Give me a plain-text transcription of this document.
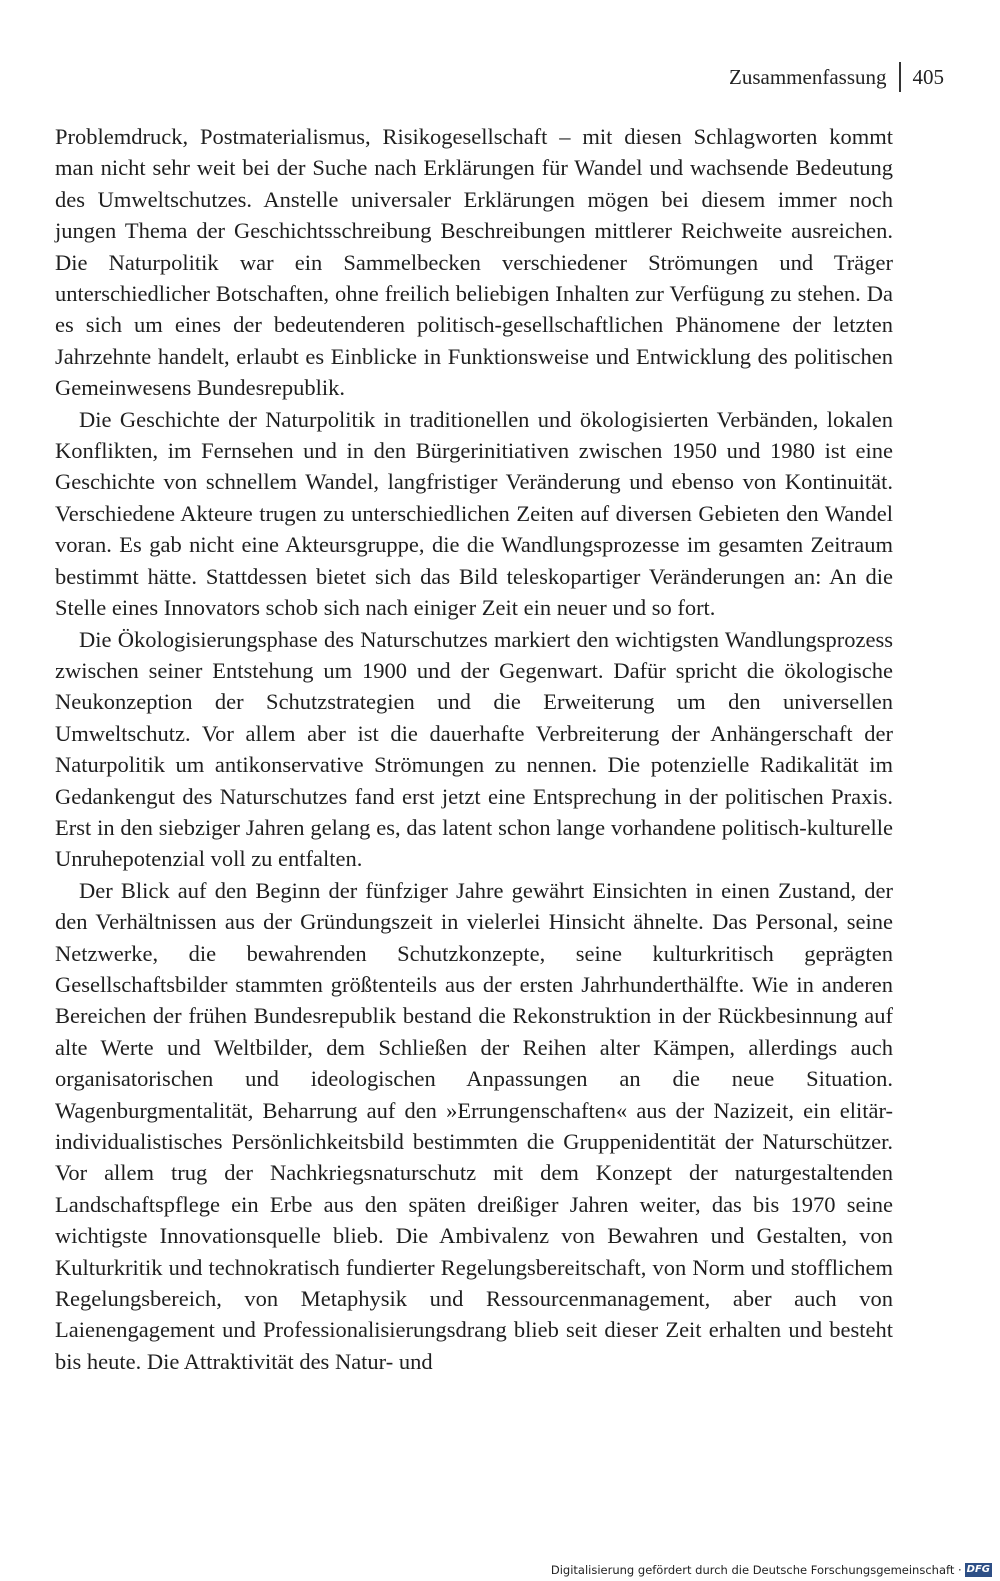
Zusammenfassung 405

Problemdruck, Postmaterialismus, Risikogesellschaft – mit diesen Schlagworten kommt man nicht sehr weit bei der Suche nach Erklärungen für Wandel und wachsende Bedeutung des Umweltschutzes. Anstelle universaler Erklärungen mögen bei diesem immer noch jungen Thema der Geschichtsschreibung Beschreibungen mittlerer Reichweite ausreichen. Die Naturpolitik war ein Sammelbecken verschiedener Strömungen und Träger unterschiedlicher Botschaften, ohne freilich beliebigen Inhalten zur Verfügung zu stehen. Da es sich um eines der bedeutenderen politisch-gesellschaftlichen Phänomene der letzten Jahrzehnte handelt, erlaubt es Einblicke in Funktionsweise und Entwicklung des politischen Gemeinwesens Bundesrepublik.

Die Geschichte der Naturpolitik in traditionellen und ökologisierten Verbänden, lokalen Konflikten, im Fernsehen und in den Bürgerinitiativen zwischen 1950 und 1980 ist eine Geschichte von schnellem Wandel, langfristiger Veränderung und ebenso von Kontinuität. Verschiedene Akteure trugen zu unterschiedlichen Zeiten auf diversen Gebieten den Wandel voran. Es gab nicht eine Akteursgruppe, die die Wandlungsprozesse im gesamten Zeitraum bestimmt hätte. Stattdessen bietet sich das Bild teleskopartiger Veränderungen an: An die Stelle eines Innovators schob sich nach einiger Zeit ein neuer und so fort.

Die Ökologisierungsphase des Naturschutzes markiert den wichtigsten Wandlungsprozess zwischen seiner Entstehung um 1900 und der Gegenwart. Dafür spricht die ökologische Neukonzeption der Schutzstrategien und die Erweiterung um den universellen Umweltschutz. Vor allem aber ist die dauerhafte Verbreiterung der Anhängerschaft der Naturpolitik um antikonservative Strömungen zu nennen. Die potenzielle Radikalität im Gedankengut des Naturschutzes fand erst jetzt eine Entsprechung in der politischen Praxis. Erst in den siebziger Jahren gelang es, das latent schon lange vorhandene politisch-kulturelle Unruhepotenzial voll zu entfalten.

Der Blick auf den Beginn der fünfziger Jahre gewährt Einsichten in einen Zustand, der den Verhältnissen aus der Gründungszeit in vielerlei Hinsicht ähnelte. Das Personal, seine Netzwerke, die bewahrenden Schutzkonzepte, seine kulturkritisch geprägten Gesellschaftsbilder stammten größtenteils aus der ersten Jahrhunderthälfte. Wie in anderen Bereichen der frühen Bundesrepublik bestand die Rekonstruktion in der Rückbesinnung auf alte Werte und Weltbilder, dem Schließen der Reihen alter Kämpen, allerdings auch organisatorischen und ideologischen Anpassungen an die neue Situation. Wagenburgmentalität, Beharrung auf den »Errungenschaften« aus der Nazizeit, ein elitär-individualistisches Persönlichkeitsbild bestimmten die Gruppenidentität der Naturschützer. Vor allem trug der Nachkriegsnaturschutz mit dem Konzept der naturgestaltenden Landschaftspflege ein Erbe aus den späten dreißiger Jahren weiter, das bis 1970 seine wichtigste Innovationsquelle blieb. Die Ambivalenz von Bewahren und Gestalten, von Kulturkritik und technokratisch fundierter Regelungsbereitschaft, von Norm und stofflichem Regelungsbereich, von Metaphysik und Ressourcenmanagement, aber auch von Laienengagement und Professionalisierungsdrang blieb seit dieser Zeit erhalten und besteht bis heute. Die Attraktivität des Natur- und

Digitalisierung gefördert durch die Deutsche Forschungsgemeinschaft · DFG
